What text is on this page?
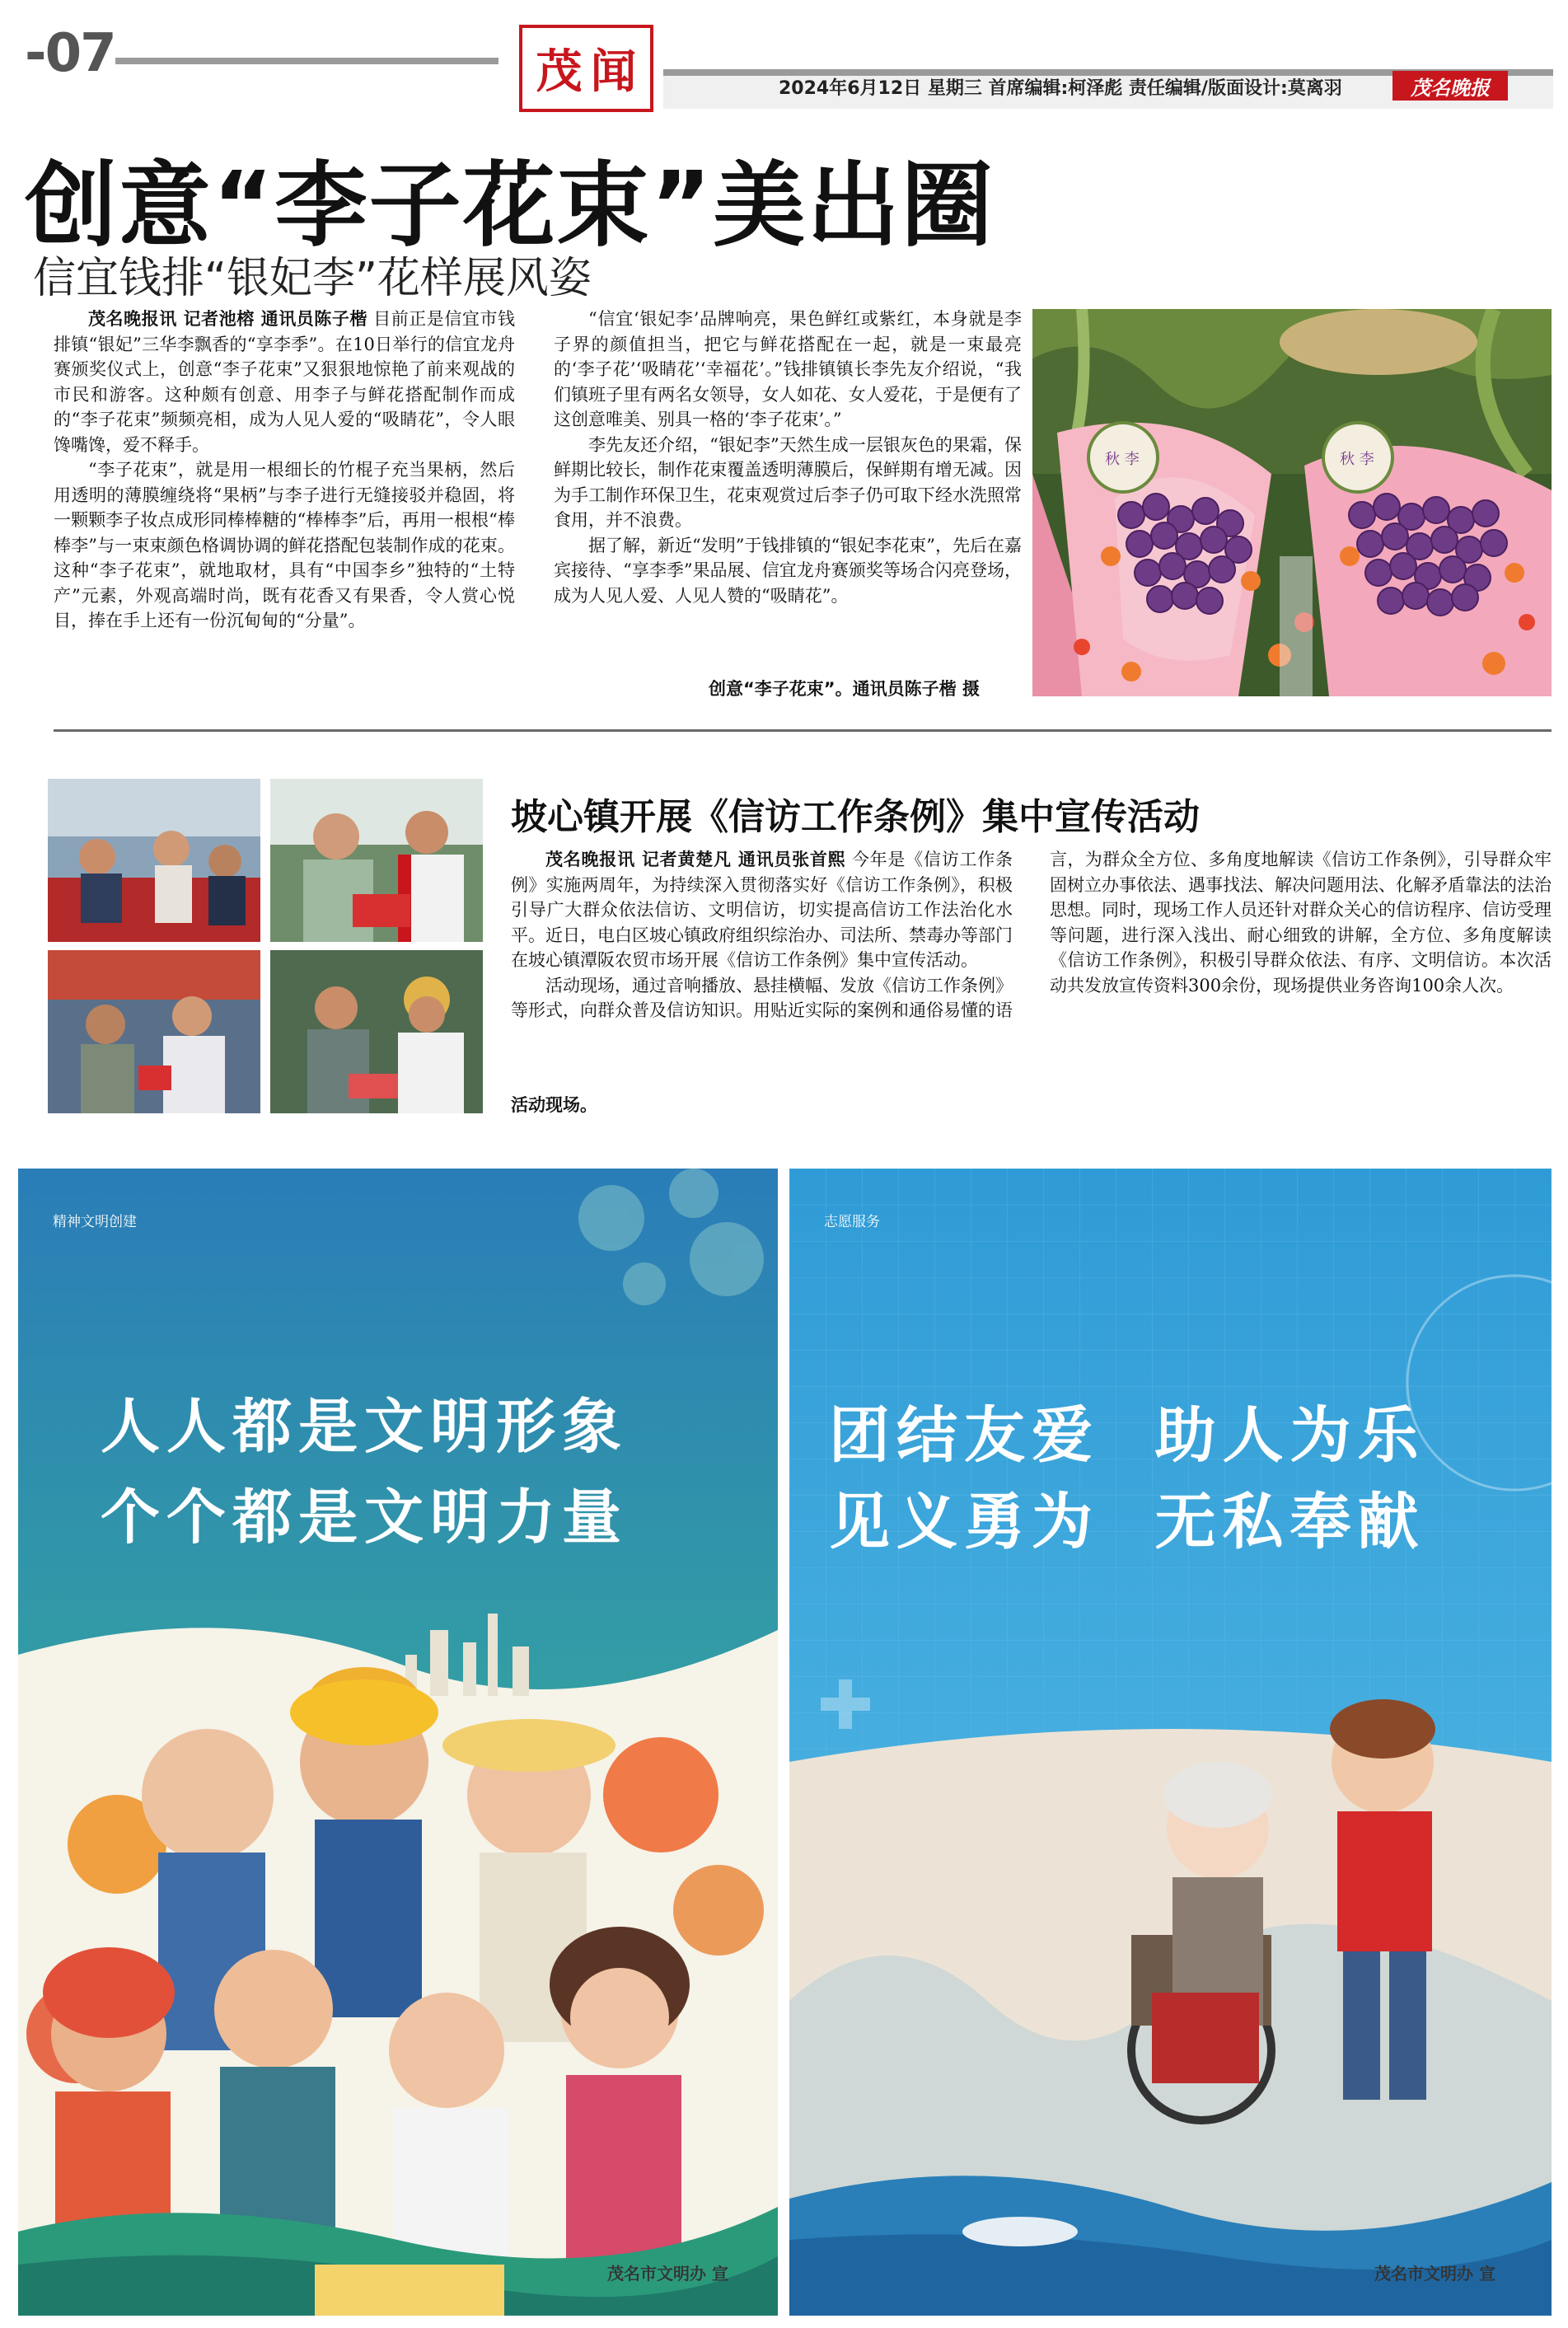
-07	茂 闻	2024年6月12日 星期三 首席编辑:柯泽彪 责任编辑/版面设计:莫离羽	茂名晚报
创意“李子花束”美出圈
信宜钱排“银妃李”花样展风姿

茂名晚报讯 记者池榕 通讯员陈子楷 目前正是信宜市钱排镇“银妃”三华李飘香的“享李季”。在10日举行的信宜龙舟赛颁奖仪式上，创意“李子花束”又狠狠地惊艳了前来观战的市民和游客。这种颇有创意、用李子与鲜花搭配制作而成的“李子花束”频频亮相，成为人见人爱的“吸睛花”，令人眼馋嘴馋，爱不释手。

“李子花束”，就是用一根细长的竹棍子充当果柄，然后用透明的薄膜缠绕将“果柄”与李子进行无缝接驳并稳固，将一颗颗李子妆点成形同棒棒糖的“棒棒李”后，再用一根根“棒棒李”与一束束颜色格调协调的鲜花搭配包装制作成的花束。这种“李子花束”，就地取材，具有“中国李乡”独特的“土特产”元素，外观高端时尚，既有花香又有果香，令人赏心悦目，捧在手上还有一份沉甸甸的“分量”。

“信宜‘银妃李’品牌响亮，果色鲜红或紫红，本身就是李子界的颜值担当，把它与鲜花搭配在一起，就是一束最亮的‘李子花’‘吸睛花’‘幸福花’。”钱排镇镇长李先友介绍说，“我们镇班子里有两名女领导，女人如花、女人爱花，于是便有了这创意唯美、别具一格的‘李子花束’。”

李先友还介绍，“银妃李”天然生成一层银灰色的果霜，保鲜期比较长，制作花束覆盖透明薄膜后，保鲜期有增无减。因为手工制作环保卫生，花束观赏过后李子仍可取下经水洗照常食用，并不浪费。

据了解，新近“发明”于钱排镇的“银妃李花束”，先后在嘉宾接待、“享李季”果品展、信宜龙舟赛颁奖等场合闪亮登场，成为人见人爱、人见人赞的“吸睛花”。

创意“李子花束”。通讯员陈子楷 摄
秋 李	秋 李
活动现场。
坡心镇开展《信访工作条例》集中宣传活动

茂名晚报讯 记者黄楚凡 通讯员张首熙 今年是《信访工作条例》实施两周年，为持续深入贯彻落实好《信访工作条例》，积极引导广大群众依法信访、文明信访，切实提高信访工作法治化水平。近日，电白区坡心镇政府组织综治办、司法所、禁毒办等部门在坡心镇潭阪农贸市场开展《信访工作条例》集中宣传活动。

活动现场，通过音响播放、悬挂横幅、发放《信访工作条例》等形式，向群众普及信访知识。用贴近实际的案例和通俗易懂的语言，为群众全方位、多角度地解读《信访工作条例》，引导群众牢固树立办事依法、遇事找法、解决问题用法、化解矛盾靠法的法治思想。同时，现场工作人员还针对群众关心的信访程序、信访受理等问题，进行深入浅出、耐心细致的讲解，全方位、多角度解读《信访工作条例》，积极引导群众依法、有序、文明信访。本次活动共发放宣传资料300余份，现场提供业务咨询100余人次。

精神文明创建
人人都是文明形象
个个都是文明力量
茂名市文明办 宣
志愿服务
团结友爱  助人为乐
见义勇为  无私奉献
茂名市文明办 宣
